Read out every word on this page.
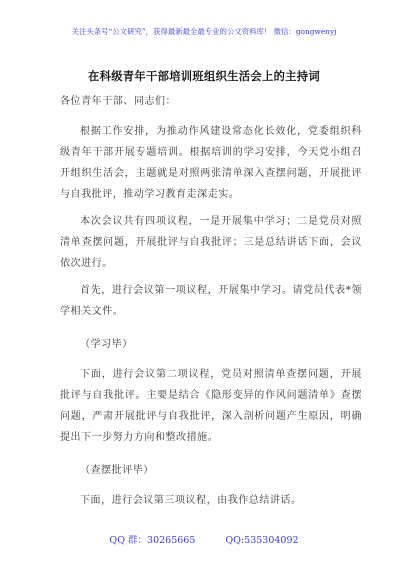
关注头条号“公文研究”，获得最新最全最专业的公文资料库！ 微信：gongwenyj
在科级青年干部培训班组织生活会上的主持词

各位青年干部、同志们：

根据工作安排，为推动作风建设常态化长效化，党委组织科级青年干部开展专题培训。根据培训的学习安排，今天党小组召开组织生活会，主题就是对照两张清单深入查摆问题，开展批评与自我批评，推动学习教育走深走实。

本次会议共有四项议程，一是开展集中学习；二是党员对照清单查摆问题，开展批评与自我批评；三是总结讲话下面，会议依次进行。

首先，进行会议第一项议程，开展集中学习。请党员代表*领学相关文件。

（学习毕）

下面，进行会议第二项议程，党员对照清单查摆问题，开展批评与自我批评。主要是结合《隐形变异的作风问题清单》查摆问题，严肃开展批评与自我批评，深入剖析问题产生原因，明确提出下一步努力方向和整改措施。

（查摆批评毕）

下面，进行会议第三项议程，由我作总结讲话。

QQ 群：30265665	QQ:535304092
